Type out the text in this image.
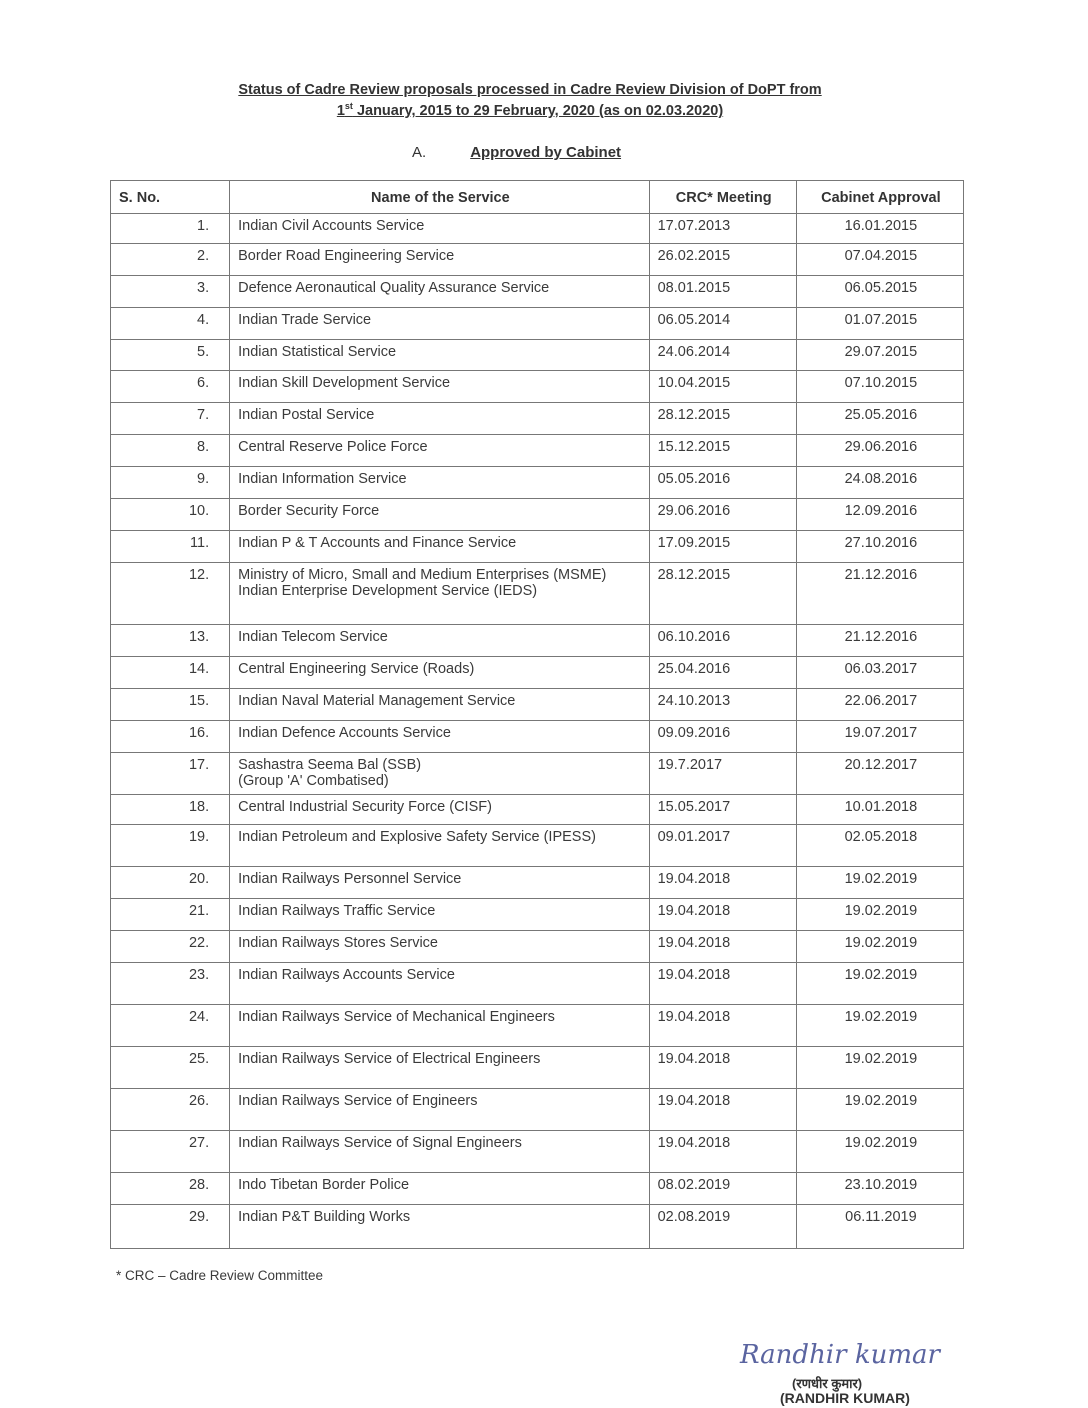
Status of Cadre Review proposals processed in Cadre Review Division of DoPT from
1st January, 2015 to 29 February, 2020 (as on 02.03.2020)
A.	Approved by Cabinet
S. No.	Name of the Service	CRC* Meeting	Cabinet Approval
1.	Indian Civil Accounts Service	17.07.2013	16.01.2015
2.	Border Road Engineering Service	26.02.2015	07.04.2015
3.	Defence Aeronautical Quality Assurance Service	08.01.2015	06.05.2015
4.	Indian Trade Service	06.05.2014	01.07.2015
5.	Indian Statistical Service	24.06.2014	29.07.2015
6.	Indian Skill Development Service	10.04.2015	07.10.2015
7.	Indian Postal Service	28.12.2015	25.05.2016
8.	Central Reserve Police Force	15.12.2015	29.06.2016
9.	Indian Information Service	05.05.2016	24.08.2016
10.	Border Security Force	29.06.2016	12.09.2016
11.	Indian P & T Accounts and Finance Service	17.09.2015	27.10.2016
12.	Ministry of Micro, Small and Medium Enterprises (MSME)
Indian Enterprise Development Service (IEDS)	28.12.2015	21.12.2016
13.	Indian Telecom Service	06.10.2016	21.12.2016
14.	Central Engineering Service (Roads)	25.04.2016	06.03.2017
15.	Indian Naval Material Management Service	24.10.2013	22.06.2017
16.	Indian Defence Accounts Service	09.09.2016	19.07.2017
17.	Sashastra Seema Bal (SSB)
(Group 'A' Combatised)	19.7.2017	20.12.2017
18.	Central Industrial Security Force (CISF)	15.05.2017	10.01.2018
19.	Indian Petroleum and Explosive Safety Service (IPESS)	09.01.2017	02.05.2018
20.	Indian Railways Personnel Service	19.04.2018	19.02.2019
21.	Indian Railways Traffic Service	19.04.2018	19.02.2019
22.	Indian Railways Stores Service	19.04.2018	19.02.2019
23.	Indian Railways Accounts Service	19.04.2018	19.02.2019
24.	Indian Railways Service of Mechanical Engineers	19.04.2018	19.02.2019
25.	Indian Railways Service of Electrical Engineers	19.04.2018	19.02.2019
26.	Indian Railways Service of Engineers	19.04.2018	19.02.2019
27.	Indian Railways Service of Signal Engineers	19.04.2018	19.02.2019
28.	Indo Tibetan Border Police	08.02.2019	23.10.2019
29.	Indian P&T Building Works	02.08.2019	06.11.2019
* CRC – Cadre Review Committee
Randhir kumar
(रणधीर कुमार)
(RANDHIR KUMAR)
